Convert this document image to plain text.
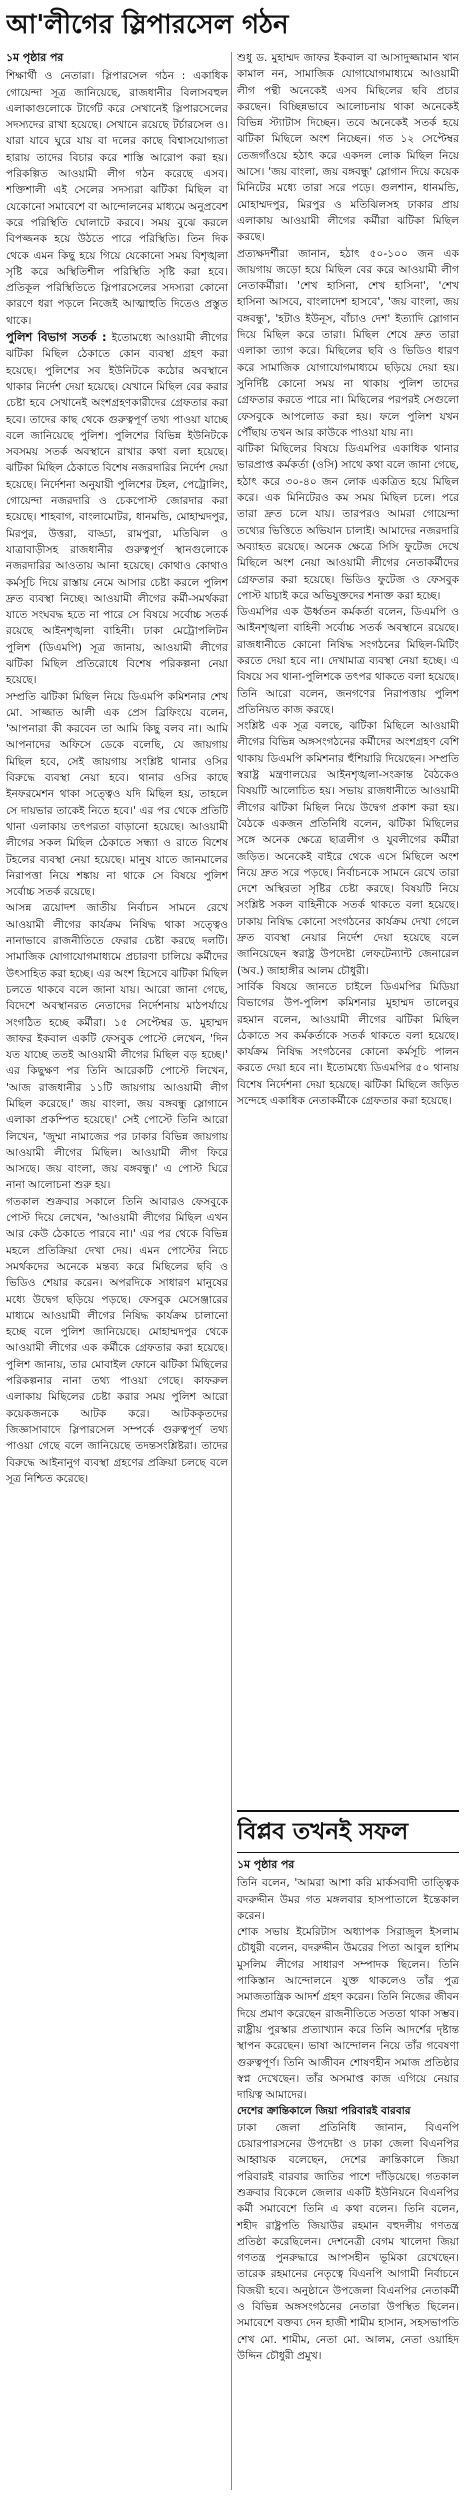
আ'লীগের স্লিপারসেল গঠন

১ম পৃষ্ঠার পর

শিক্ষার্থী ও নেতারা। স্লিপারসেল গঠন : একাধিক গোয়েন্দা সূত্র জানিয়েছে, রাজধানীর বিলাসবহুল এলাকাগুলোকে টার্গেট করে সেখানেই স্লিপারসেলের সদস্যদের রাখা হয়েছে। সেখানে রয়েছে টর্চারসেল ও। যারা যাবে ঘুরে যায় বা দলের কাছে বিশ্বাসযোগ্যতা হারায় তাদের বিচার করে শাস্তি আরোপ করা হয়। পরিকল্পিত আওয়ামী লীগ গঠন করেছে এসব। শক্তিশালী এই সেলের সদস্যরা ঝটিকা মিছিল বা যেকোনো সমাবেশে বা আন্দোলনের মাধ্যমে অনুপ্রবেশ করে পরিস্থিতি ঘোলাটে করবে। সময় বুঝে করলে বিপজ্জনক হয়ে উঠতে পারে পরিস্থিতি। তিন দিক থেকে এমন কিছু হয়ে গিয়ে যেকোনো সময় বিশৃঙ্খলা সৃষ্টি করে অস্থিতিশীল পরিস্থিতি সৃষ্টি করা হবে। প্রতিকূল পরিস্থিতিতে স্লিপারসেলের সদস্যরা কোনো কারণে ধরা পড়লে নিজেই আত্মাহুতি দিতেও প্রস্তুত থাকে।

পুলিশ বিভাগ সতর্ক : ইতোমধ্যে আওয়ামী লীগের ঝটিকা মিছিল ঠেকাতে কোন ব্যবস্থা গ্রহণ করা হয়েছে। পুলিশের সব ইউনিটকে কঠোর অবস্থানে থাকার নির্দেশ দেয়া হয়েছে। যেখানে মিছিল বের করার চেষ্টা হবে সেখানেই অংশগ্রহণকারীদের গ্রেফতার করা হবে। তাদের কাছ থেকে গুরুত্বপূর্ণ তথ্য পাওয়া যাচ্ছে বলে জানিয়েছে পুলিশ। পুলিশের বিভিন্ন ইউনিটকে সবসময় সতর্ক অবস্থানে রাখার কথা বলা হয়েছে। ঝটিকা মিছিল ঠেকাতে বিশেষ নজরদারির নির্দেশ দেয়া হয়েছে। নির্দেশনা অনুযায়ী পুলিশের টহল, পেট্রোলিং, গোয়েন্দা নজরদারি ও চেকপোস্ট জোরদার করা হয়েছে। শাহবাগ, বাংলামোটর, ধানমন্ডি, মোহাম্মদপুর, মিরপুর, উত্তরা, বাড্ডা, রামপুরা, মতিঝিল ও যাত্রাবাড়ীসহ রাজধানীর গুরুত্বপূর্ণ স্থানগুলোকে নজরদারির আওতায় আনা হয়েছে। কোথাও কোথাও কর্মসূচি দিয়ে রাস্তায় নেমে আসার চেষ্টা করলে পুলিশ দ্রুত ব্যবস্থা নিচ্ছে। আওয়ামী লীগের কর্মী-সমর্থকরা যাতে সংঘবদ্ধ হতে না পারে সে বিষয়ে সর্বোচ্চ সতর্ক রয়েছে আইনশৃঙ্খলা বাহিনী। ঢাকা মেট্রোপলিটন পুলিশ (ডিএমপি) সূত্র জানায়, আওয়ামী লীগের ঝটিকা মিছিল প্রতিরোধে বিশেষ পরিকল্পনা নেয়া হয়েছে।

সম্প্রতি ঝটিকা মিছিল নিয়ে ডিএমপি কমিশনার শেখ মো. সাজ্জাত আলী এক প্রেস ব্রিফিংয়ে বলেন, 'আপনারা কী করবেন তা আমি কিছু বলব না। আমি আপনাদের অফিসে ডেকে বলেছি, যে জায়গায় মিছিল হবে, সেই জায়গায় সংশ্লিষ্ট থানার ওসির বিরুদ্ধে ব্যবস্থা নেয়া হবে। থানার ওসির কাছে ইনফরমেশন থাকা সত্ত্বেও যদি মিছিল হয়, তাহলে সে দায়ভার তাকেই নিতে হবে।' এর পর থেকে প্রতিটি থানা এলাকায় তৎপরতা বাড়ানো হয়েছে। আওয়ামী লীগের সকল মিছিল ঠেকাতে সন্ধ্যা ও রাতে বিশেষ টহলের ব্যবস্থা নেয়া হয়েছে। মানুষ যাতে জানমালের নিরাপত্তা নিয়ে শঙ্কায় না থাকে সে বিষয়ে পুলিশ সর্বোচ্চ সতর্ক রয়েছে।

আসন্ন ত্রয়োদশ জাতীয় নির্বাচন সামনে রেখে আওয়ামী লীগের কার্যক্রম নিষিদ্ধ থাকা সত্ত্বেও নানাভাবে রাজনীতিতে ফেরার চেষ্টা করছে দলটি। সামাজিক যোগাযোগমাধ্যমে প্রচারণা চালিয়ে কর্মীদের উৎসাহিত করা হচ্ছে। এর অংশ হিসেবে ঝটিকা মিছিল চলতে থাকবে বলে জানা যায়। আরো জানা গেছে, বিদেশে অবস্থানরত নেতাদের নির্দেশনায় মাঠপর্যায়ে সংগঠিত হচ্ছে কর্মীরা। ১৫ সেপ্টেম্বর ড. মুহাম্মদ জাফর ইকবাল একটি ফেসবুক পোস্টে লেখেন, 'দিন যত যাচ্ছে ততই আওয়ামী লীগের মিছিল বড় হচ্ছে।' এর কিছুক্ষণ পর তিনি আরেকটি পোস্টে লিখেন, 'আজ রাজধানীর ১১টি জায়গায় আওয়ামী লীগ মিছিল করেছে।' জয় বাংলা, জয় বঙ্গবন্ধু স্লোগানে এলাকা প্রকম্পিত হয়েছে।' সেই পোস্টে তিনি আরো লিখেন, 'জুম্মা নামাজের পর ঢাকার বিভিন্ন জায়গায় আওয়ামী লীগের মিছিল। আওয়ামী লীগ ফিরে আসছে। জয় বাংলা, জয় বঙ্গবন্ধু।' এ পোস্ট ঘিরে নানা আলোচনা শুরু হয়।

গতকাল শুক্রবার সকালে তিনি আবারও ফেসবুকে পোস্ট দিয়ে লেখেন, 'আওয়ামী লীগের মিছিল এখন আর কেউ ঠেকাতে পারবে না।' এর পর থেকে বিভিন্ন মহলে প্রতিক্রিয়া দেখা দেয়। এমন পোস্টের নিচে সমর্থকদের অনেকে মন্তব্য করে মিছিলের ছবি ও ভিডিও শেয়ার করেন। অপরদিকে সাধারণ মানুষের মধ্যে উদ্বেগ ছড়িয়ে পড়ছে। ফেসবুক মেসেঞ্জারের মাধ্যমে আওয়ামী লীগের নিষিদ্ধ কার্যক্রম চালানো হচ্ছে বলে পুলিশ জানিয়েছে। মোহাম্মদপুর থেকে আওয়ামী লীগের এক কর্মীকে গ্রেফতার করা হয়েছে। পুলিশ জানায়, তার মোবাইল ফোনে ঝটিকা মিছিলের পরিকল্পনার নানা তথ্য পাওয়া গেছে। কাফরুল এলাকায় মিছিলের চেষ্টা করার সময় পুলিশ আরো কয়েকজনকে আটক করে। আটককৃতদের জিজ্ঞাসাবাদে স্লিপারসেল সম্পর্কে গুরুত্বপূর্ণ তথ্য পাওয়া গেছে বলে জানিয়েছে তদন্তসংশ্লিষ্টরা। তাদের বিরুদ্ধে আইনানুগ ব্যবস্থা গ্রহণের প্রক্রিয়া চলছে বলে সূত্র নিশ্চিত করেছে।

শুধু ড. মুহাম্মদ জাফর ইকবাল বা আসাদুজ্জামান খান কামাল নন, সামাজিক যোগাযোগমাধ্যমে আওয়ামী লীগ পন্থী অনেকেই এসব মিছিলের ছবি প্রচার করছেন। বিচ্ছিন্নভাবে আলোচনায় থাকা অনেকেই বিভিন্ন স্ট্যাটাস দিচ্ছেন। তবে অনেকেই সতর্ক হয়ে ঝটিকা মিছিলে অংশ নিচ্ছেন। গত ১২ সেপ্টেম্বর তেজগাঁওয়ে হঠাৎ করে একদল লোক মিছিল নিয়ে আসে। 'জয় বাংলা, জয় বঙ্গবন্ধু' স্লোগান দিয়ে কয়েক মিনিটের মধ্যে তারা সরে পড়ে। গুলশান, ধানমন্ডি, মোহাম্মদপুর, মিরপুর ও মতিঝিলসহ ঢাকার প্রায় এলাকায় আওয়ামী লীগের কর্মীরা ঝটিকা মিছিল করছে।

প্রত্যক্ষদর্শীরা জানান, হঠাৎ ৫০-১০০ জন এক জায়গায় জড়ো হয়ে মিছিল বের করে আওয়ামী লীগ নেতাকর্মীরা। 'শেখ হাসিনা, শেখ হাসিনা', 'শেখ হাসিনা আসবে, বাংলাদেশ হাসবে', 'জয় বাংলা, জয় বঙ্গবন্ধু', 'হটাও ইউনূস, বাঁচাও দেশ' ইত্যাদি স্লোগান দিয়ে মিছিল করে তারা। মিছিল শেষে দ্রুত তারা এলাকা ত্যাগ করে। মিছিলের ছবি ও ভিডিও ধারণ করে সামাজিক যোগাযোগমাধ্যমে ছড়িয়ে দেয়া হয়। সুনির্দিষ্ট কোনো সময় না থাকায় পুলিশ তাদের গ্রেফতার করতে পারে না। মিছিলের পরপরই সেগুলো ফেসবুকে আপলোড করা হয়। ফলে পুলিশ যখন পৌঁছায় তখন আর কাউকে পাওয়া যায় না।

ঝটিকা মিছিলের বিষয়ে ডিএমপির একাধিক থানার ভারপ্রাপ্ত কর্মকর্তা (ওসি) সাথে কথা বলে জানা গেছে, হঠাৎ করে ৩০-৪০ জন লোক একত্রিত হয়ে মিছিল করে। এক মিনিটেরও কম সময় মিছিল চলে। পরে তারা দ্রুত চলে যায়। তারপরও আমরা গোয়েন্দা তথ্যের ভিত্তিতে অভিযান চালাই। আমাদের নজরদারি অব্যাহত রয়েছে। অনেক ক্ষেত্রে সিসি ফুটেজ দেখে মিছিলে অংশ নেয়া আওয়ামী লীগের নেতাকর্মীদের গ্রেফতার করা হয়েছে। ভিডিও ফুটেজ ও ফেসবুক পোস্ট যাচাই করে অভিযুক্তদের শনাক্ত করা হচ্ছে।

ডিএমপির এক ঊর্ধ্বতন কর্মকর্তা বলেন, ডিএমপি ও আইনশৃঙ্খলা বাহিনী সর্বোচ্চ সতর্ক অবস্থানে রয়েছে। রাজধানীতে কোনো নিষিদ্ধ সংগঠনের মিছিল-মিটিং করতে দেয়া হবে না। দেখামাত্র ব্যবস্থা নেয়া হচ্ছে। এ বিষয়ে সব থানা-পুলিশকে তৎপর থাকতে বলা হয়েছে। তিনি আরো বলেন, জনগণের নিরাপত্তায় পুলিশ প্রতিনিয়ত কাজ করছে।

সংশ্লিষ্ট এক সূত্র বলছে, ঝটিকা মিছিলে আওয়ামী লীগের বিভিন্ন অঙ্গসংগঠনের কর্মীদের অংশগ্রহণ বেশি থাকায় ডিএমপি কমিশনার হুঁশিয়ারি দিয়েছেন। সম্প্রতি স্বরাষ্ট্র মন্ত্রণালয়ের আইনশৃঙ্খলা-সংক্রান্ত বৈঠকেও বিষয়টি আলোচিত হয়। সভায় রাজধানীতে আওয়ামী লীগের ঝটিকা মিছিল নিয়ে উদ্বেগ প্রকাশ করা হয়। বৈঠকে একজন প্রতিনিধি বলেন, ঝটিকা মিছিলের সঙ্গে অনেক ক্ষেত্রে ছাত্রলীগ ও যুবলীগের কর্মীরা জড়িত। অনেকেই বাইরে থেকে এসে মিছিলে অংশ নিয়ে দ্রুত সরে পড়ছে। নির্বাচনকে সামনে রেখে তারা দেশে অস্থিরতা সৃষ্টির চেষ্টা করছে। বিষয়টি নিয়ে সংশ্লিষ্ট সকল বাহিনীকে সতর্ক থাকতে বলা হয়েছে। ঢাকায় নিষিদ্ধ কোনো সংগঠনের কার্যক্রম দেখা গেলে দ্রুত ব্যবস্থা নেয়ার নির্দেশ দেয়া হয়েছে বলে জানিয়েছেন স্বরাষ্ট্র উপদেষ্টা লেফটেন্যান্ট জেনারেল (অব.) জাহাঙ্গীর আলম চৌধুরী।

সার্বিক বিষয়ে জানতে চাইলে ডিএমপির মিডিয়া বিভাগের উপ-পুলিশ কমিশনার মুহাম্মদ তালেবুর রহমান বলেন, আওয়ামী লীগের ঝটিকা মিছিল ঠেকাতে সব কর্মকর্তাকে সতর্ক থাকতে বলা হয়েছে। কার্যক্রম নিষিদ্ধ সংগঠনের কোনো কর্মসূচি পালন করতে দেয়া হবে না। ইতোমধ্যে ডিএমপির ৫০ থানায় বিশেষ নির্দেশনা দেয়া হয়েছে। ঝটিকা মিছিলে জড়িত সন্দেহে একাধিক নেতাকর্মীকে গ্রেফতার করা হয়েছে।

বিপ্লব তখনই সফল

১ম পৃষ্ঠার পর

তিনি বলেন, 'আমরা আশা করি মার্কসবাদী তাত্ত্বিক বদরুদ্দীন উমর গত মঙ্গলবার হাসপাতালে ইন্তেকাল করেন।

শোক সভায় ইমেরিটাস অধ্যাপক সিরাজুল ইসলাম চৌধুরী বলেন, বদরুদ্দীন উমরের পিতা আবুল হাশিম মুসলিম লীগের সাধারণ সম্পাদক ছিলেন। তিনি পাকিস্তান আন্দোলনে যুক্ত থাকলেও তাঁর পুত্র সমাজতান্ত্রিক আদর্শ গ্রহণ করেন। তিনি নিজের জীবন দিয়ে প্রমাণ করেছেন রাজনীতিতে সততা থাকা সম্ভব। রাষ্ট্রীয় পুরস্কার প্রত্যাখ্যান করে তিনি আদর্শের দৃষ্টান্ত স্থাপন করেছেন। ভাষা আন্দোলন নিয়ে তাঁর গবেষণা গুরুত্বপূর্ণ। তিনি আজীবন শোষণহীন সমাজ প্রতিষ্ঠার স্বপ্ন দেখেছেন। তাঁর অসমাপ্ত কাজ এগিয়ে নেয়ার দায়িত্ব আমাদের।

দেশের ক্রান্তিকালে জিয়া পরিবারই বারবার

ঢাকা জেলা প্রতিনিধি জানান, বিএনপি চেয়ারপারসনের উপদেষ্টা ও ঢাকা জেলা বিএনপির আহ্বায়ক বলেছেন, দেশের ক্রান্তিকালে জিয়া পরিবারই বারবার জাতির পাশে দাঁড়িয়েছে। গতকাল শুক্রবার বিকেলে জেলার একটি ইউনিয়নে বিএনপির কর্মী সমাবেশে তিনি এ কথা বলেন। তিনি বলেন, শহীদ রাষ্ট্রপতি জিয়াউর রহমান বহুদলীয় গণতন্ত্র প্রতিষ্ঠা করেছিলেন। দেশনেত্রী বেগম খালেদা জিয়া গণতন্ত্র পুনরুদ্ধারে আপসহীন ভূমিকা রেখেছেন। তারেক রহমানের নেতৃত্বে বিএনপি আগামী নির্বাচনে বিজয়ী হবে। অনুষ্ঠানে উপজেলা বিএনপির নেতাকর্মী ও বিভিন্ন অঙ্গসংগঠনের নেতারা উপস্থিত ছিলেন। সমাবেশে বক্তব্য দেন হাজী শামীম হাসান, সহসভাপতি শেখ মো. শামীম, নেতা মো. আলম, নেতা ওয়াহিদ উদ্দিন চৌধুরী প্রমুখ।
